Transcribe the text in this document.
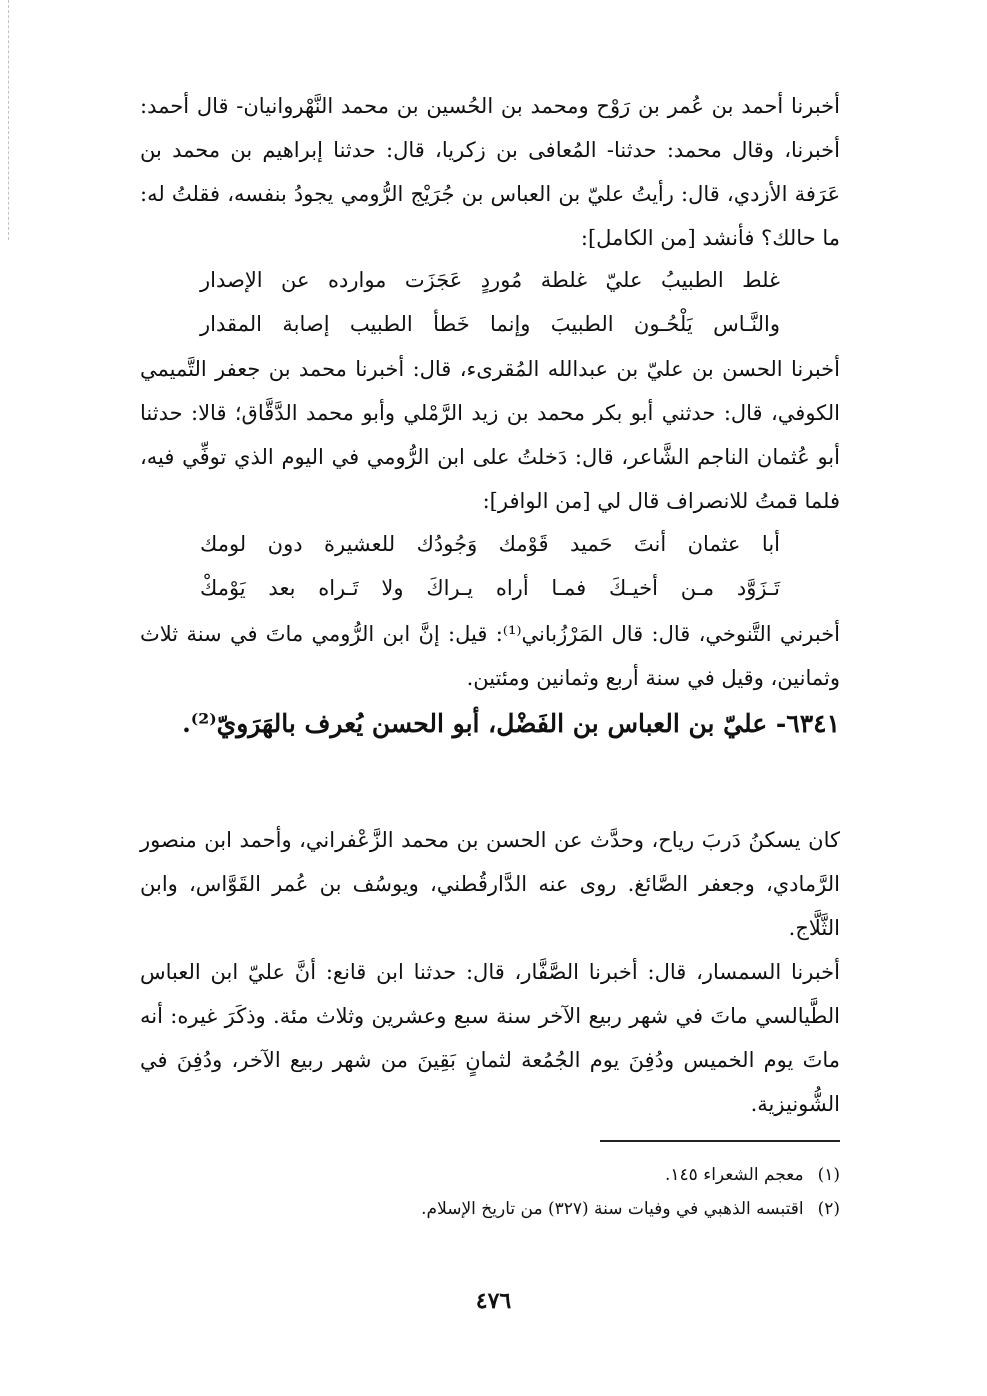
أخبرنا أحمد بن عُمر بن رَوْح ومحمد بن الحُسين بن محمد النَّهْروانيان- قال أحمد: أخبرنا، وقال محمد: حدثنا- المُعافى بن زكريا، قال: حدثنا إبراهيم بن محمد بن عَرَفة الأزدي، قال: رأيتُ عليّ بن العباس بن جُرَيْج الرُّومي يجودُ بنفسه، فقلتُ له: ما حالك؟ فأنشد [من الكامل]:
غلط الطبيبُ عليّ غلطة مُوردٍ عَجَزَت موارده عن الإصدار
والنَّـاس يَلْحُـون الطبيبَ وإنما خَطأ الطبيب إصابة المقدار
أخبرنا الحسن بن عليّ بن عبدالله المُقرىء، قال: أخبرنا محمد بن جعفر التَّميمي الكوفي، قال: حدثني أبو بكر محمد بن زيد الرَّمْلي وأبو محمد الدَّقَّاق؛ قالا: حدثنا أبو عُثمان الناجم الشَّاعر، قال: دَخلتُ على ابن الرُّومي في اليوم الذي توفِّي فيه، فلما قمتُ للانصراف قال لي [من الوافر]:
أبا عثمان أنتَ حَميد قَوْمك وَجُودُك للعشيرة دون لومك
تَـزَوَّد مـن أخيـكَ فمـا أراه يـراكَ ولا تَـراه بعد يَوْمكْ
أخبرني التَّنوخي، قال: قال المَرْزُباني⁽¹⁾: قيل: إنَّ ابن الرُّومي ماتَ في سنة ثلاث وثمانين، وقيل في سنة أربع وثمانين ومئتين.
٦٣٤١- عليّ بن العباس بن الفَضْل، أبو الحسن يُعرف بالهَرَويّ⁽²⁾.
كان يسكنُ دَربَ رياح، وحدَّث عن الحسن بن محمد الزَّعْفراني، وأحمد ابن منصور الرَّمادي، وجعفر الصَّائغ. روى عنه الدَّارقُطني، ويوسُف بن عُمر القَوَّاس، وابن الثَّلَّاج.
أخبرنا السمسار، قال: أخبرنا الصَّفَّار، قال: حدثنا ابن قانع: أنَّ عليّ ابن العباس الطَّيالسي ماتَ في شهر ربيع الآخر سنة سبع وعشرين وثلاث مئة. وذكَرَ غيره: أنه ماتَ يوم الخميس ودُفِنَ يوم الجُمُعة لثمانٍ بَقِينَ من شهر ربيع الآخر، ودُفِنَ في الشُّونيزية.
(١)معجم الشعراء ١٤٥.
(٢)اقتبسه الذهبي في وفيات سنة (٣٢٧) من تاريخ الإسلام.
٤٧٦
